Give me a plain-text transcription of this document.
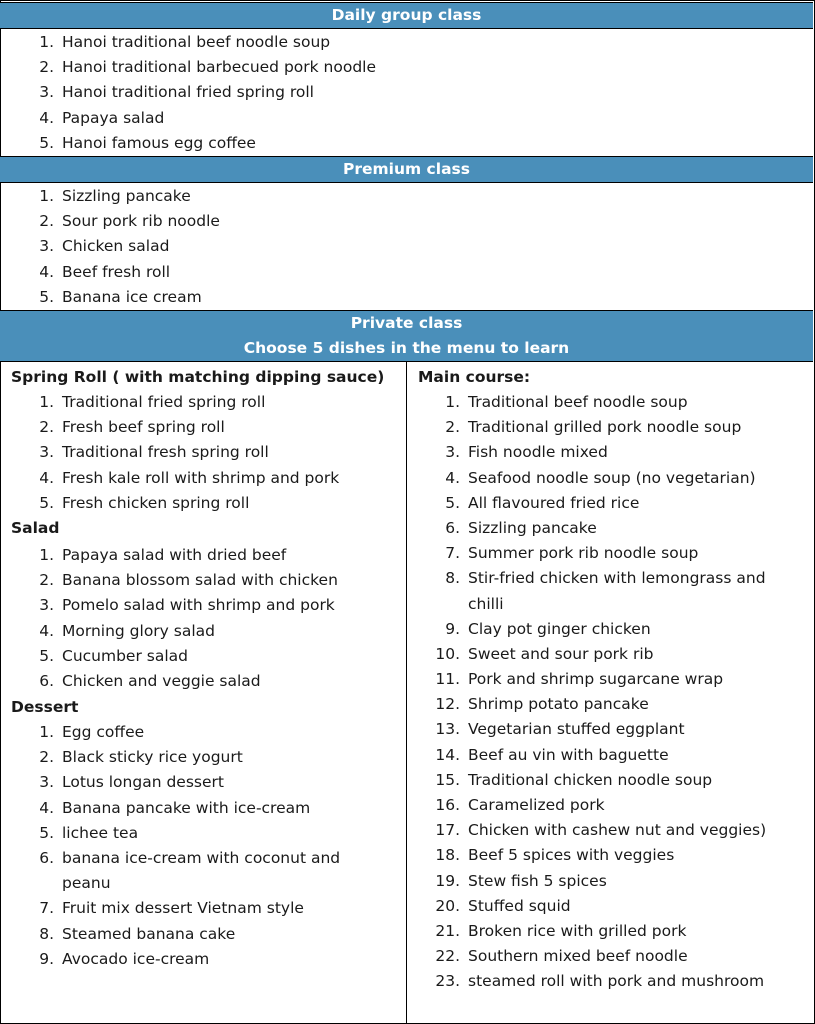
Daily group class
1. Hanoi traditional beef noodle soup
2. Hanoi traditional barbecued pork noodle
3. Hanoi traditional fried spring roll
4. Papaya salad
5. Hanoi famous egg coffee
Premium class
1. Sizzling pancake
2. Sour pork rib noodle
3. Chicken salad
4. Beef fresh roll
5. Banana ice cream
Private class
Choose 5 dishes in the menu to learn
Spring Roll ( with matching dipping sauce)
1. Traditional fried spring roll
2. Fresh beef spring roll
3. Traditional fresh spring roll
4. Fresh kale roll with shrimp and pork
5. Fresh chicken spring roll
Salad
1. Papaya salad with dried beef
2. Banana blossom salad with chicken
3. Pomelo salad with shrimp and pork
4. Morning glory salad
5. Cucumber salad
6. Chicken and veggie salad
Dessert
1. Egg coffee
2. Black sticky rice yogurt
3. Lotus longan dessert
4. Banana pancake with ice-cream
5. lichee tea
6. banana ice-cream with coconut and peanu
7. Fruit mix dessert Vietnam style
8. Steamed banana cake
9. Avocado ice-cream
Main course:
1. Traditional beef noodle soup
2. Traditional grilled pork noodle soup
3. Fish noodle mixed
4. Seafood noodle soup (no vegetarian)
5. All flavoured fried rice
6. Sizzling pancake
7. Summer pork rib noodle soup
8. Stir-fried chicken with lemongrass and chilli
9. Clay pot ginger chicken
10. Sweet and sour pork rib
11. Pork and shrimp sugarcane wrap
12. Shrimp potato pancake
13. Vegetarian stuffed eggplant
14. Beef au vin with baguette
15. Traditional chicken noodle soup
16. Caramelized pork
17. Chicken with cashew nut and veggies)
18. Beef 5 spices with veggies
19. Stew fish 5 spices
20. Stuffed squid
21. Broken rice with grilled pork
22. Southern mixed beef noodle
23. steamed roll with pork and mushroom
